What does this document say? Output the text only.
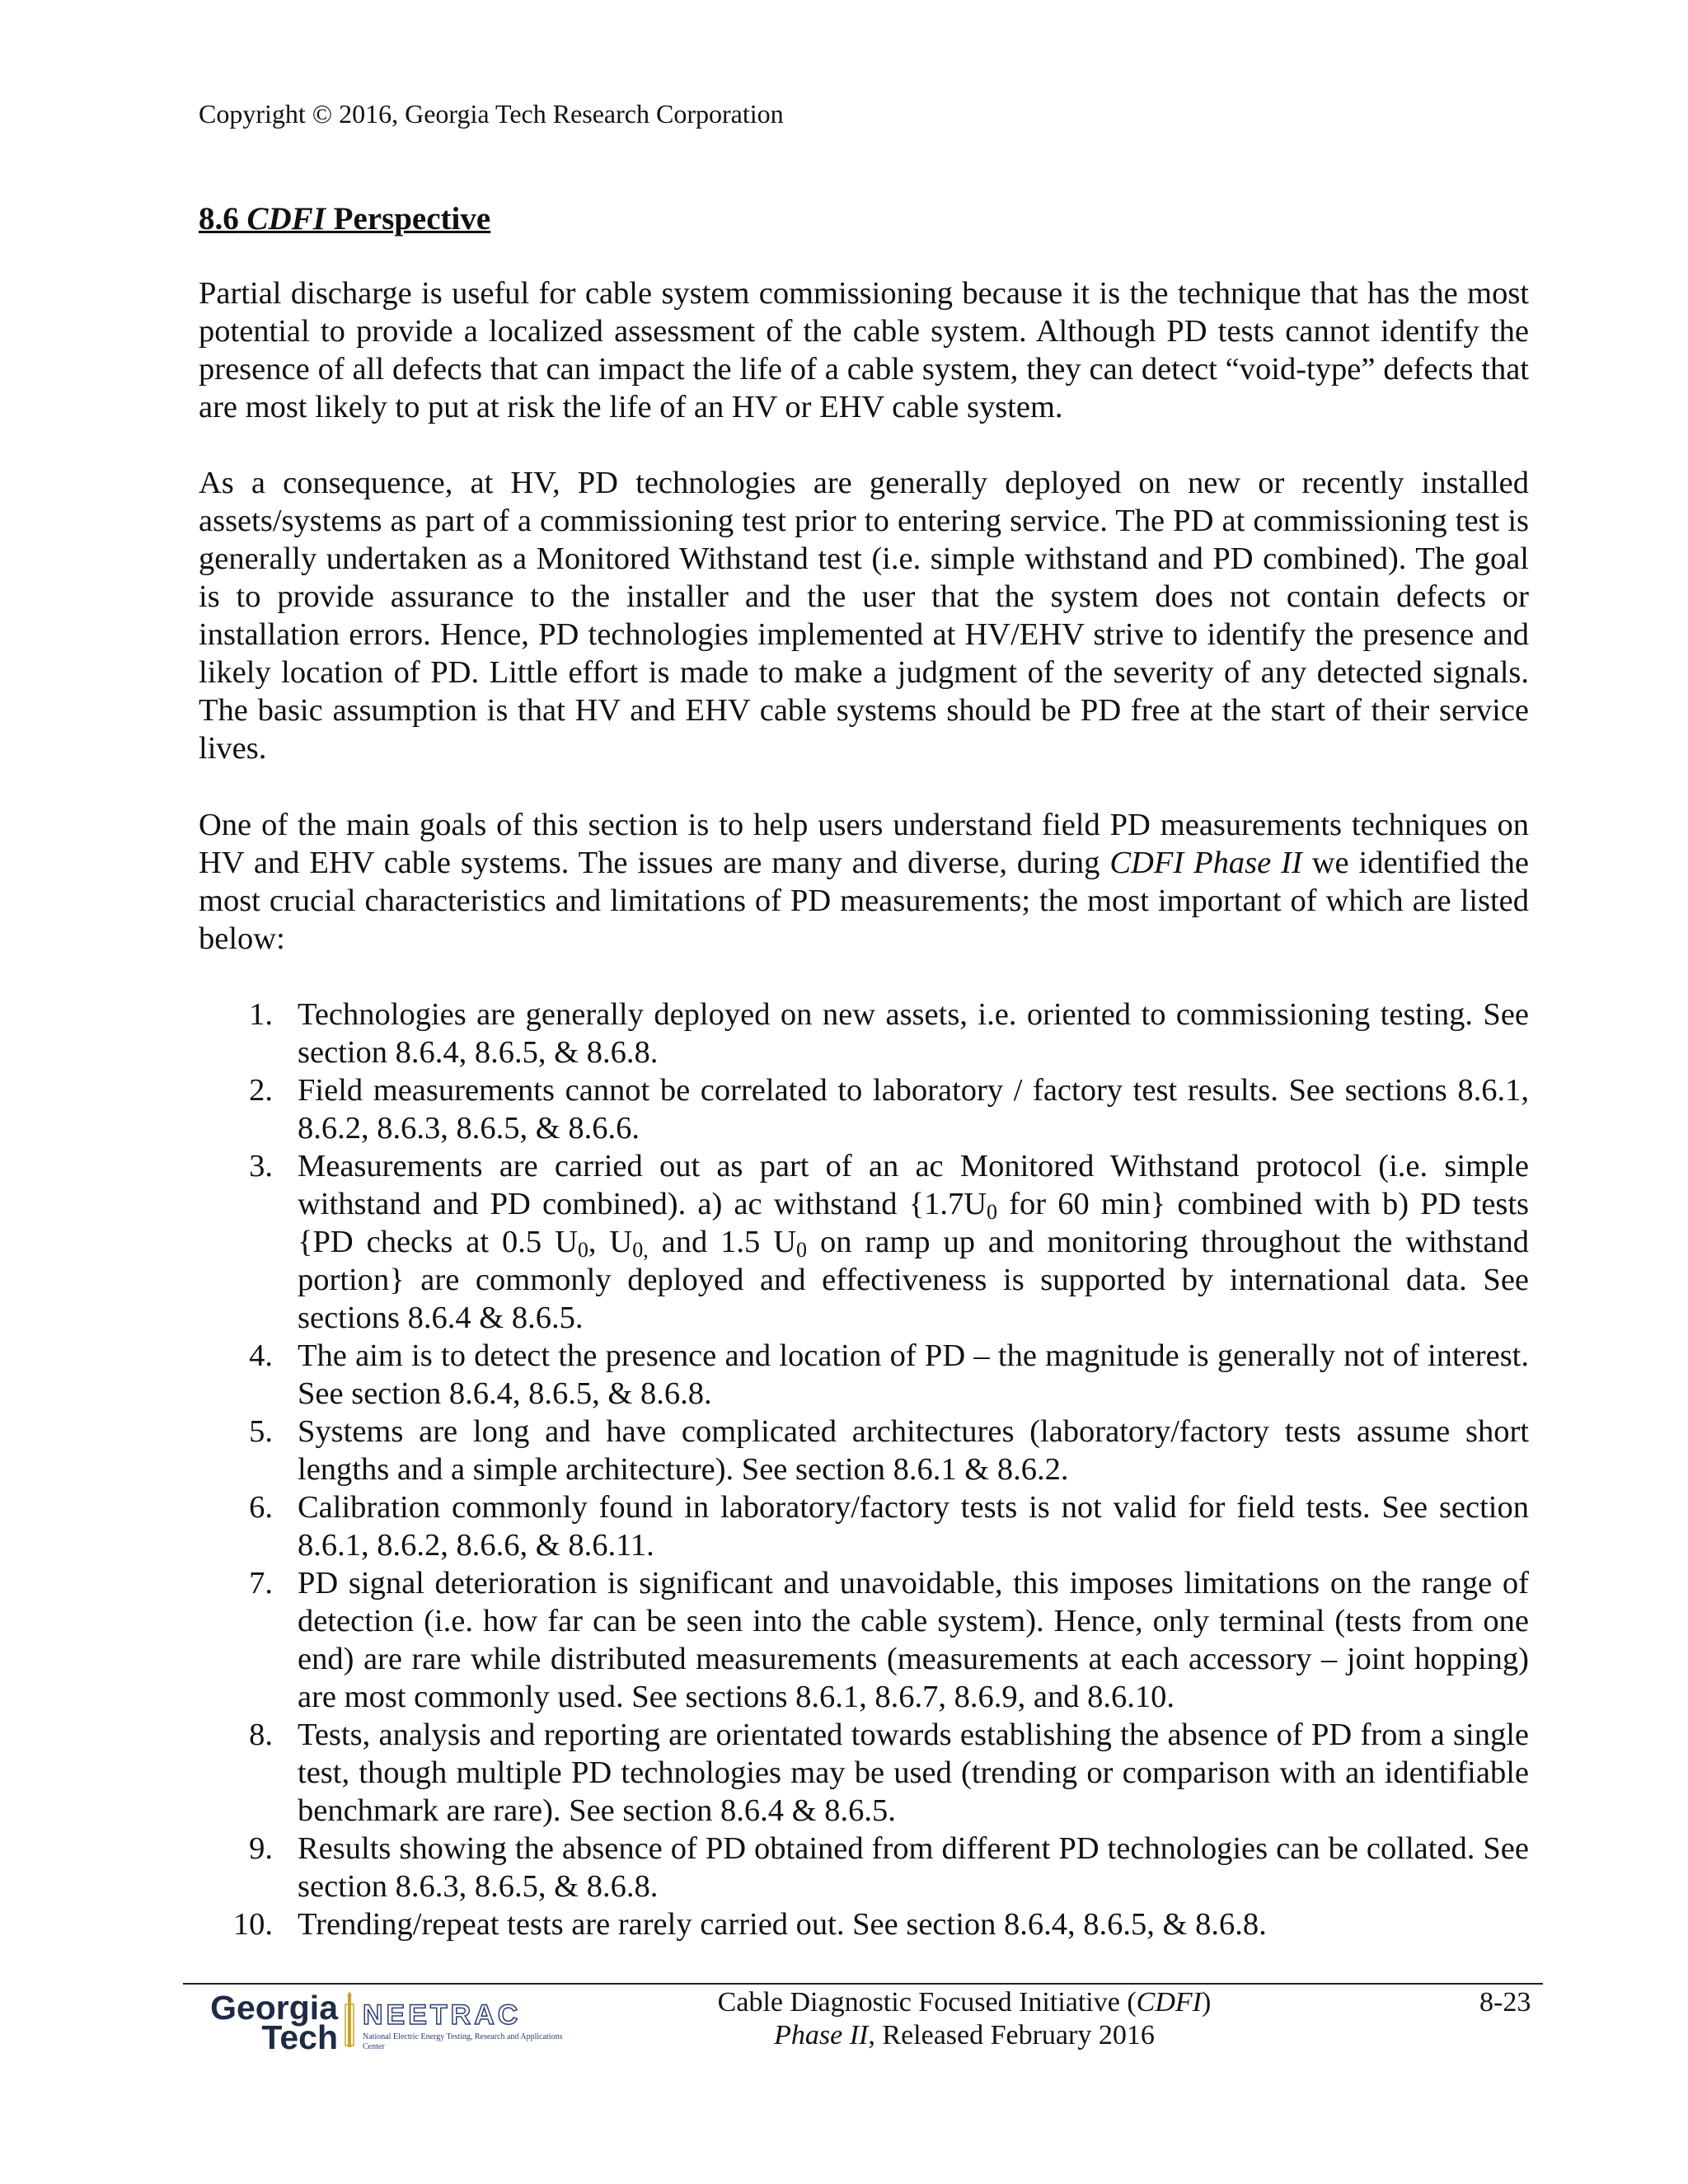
Copyright © 2016, Georgia Tech Research Corporation
8.6 CDFI Perspective

Partial discharge is useful for cable system commissioning because it is the technique that has the most potential to provide a localized assessment of the cable system. Although PD tests cannot identify the presence of all defects that can impact the life of a cable system, they can detect “void-type” defects that are most likely to put at risk the life of an HV or EHV cable system.

As a consequence, at HV, PD technologies are generally deployed on new or recently installed assets/systems as part of a commissioning test prior to entering service. The PD at commissioning test is generally undertaken as a Monitored Withstand test (i.e. simple withstand and PD combined). The goal is to provide assurance to the installer and the user that the system does not contain defects or installation errors. Hence, PD technologies implemented at HV/EHV strive to identify the presence and likely location of PD. Little effort is made to make a judgment of the severity of any detected signals. The basic assumption is that HV and EHV cable systems should be PD free at the start of their service lives.

One of the main goals of this section is to help users understand field PD measurements techniques on HV and EHV cable systems. The issues are many and diverse, during CDFI Phase II we identified the most crucial characteristics and limitations of PD measurements; the most important of which are listed below:

1. Technologies are generally deployed on new assets, i.e. oriented to commissioning testing. See section 8.6.4, 8.6.5, & 8.6.8.
2. Field measurements cannot be correlated to laboratory / factory test results. See sections 8.6.1, 8.6.2, 8.6.3, 8.6.5, & 8.6.6.
3. Measurements are carried out as part of an ac Monitored Withstand protocol (i.e. simple withstand and PD combined). a) ac withstand {$1.7U_0$ for 60 min} combined with b) PD tests {PD checks at 0.5 $U_0$, $U_{0,}$ and 1.5 $U_0$ on ramp up and monitoring throughout the withstand portion} are commonly deployed and effectiveness is supported by international data. See sections 8.6.4 & 8.6.5.
4. The aim is to detect the presence and location of PD – the magnitude is generally not of interest. See section 8.6.4, 8.6.5, & 8.6.8.
5. Systems are long and have complicated architectures (laboratory/factory tests assume short lengths and a simple architecture). See section 8.6.1 & 8.6.2.
6. Calibration commonly found in laboratory/factory tests is not valid for field tests. See section 8.6.1, 8.6.2, 8.6.6, & 8.6.11.
7. PD signal deterioration is significant and unavoidable, this imposes limitations on the range of detection (i.e. how far can be seen into the cable system). Hence, only terminal (tests from one end) are rare while distributed measurements (measurements at each accessory – joint hopping) are most commonly used. See sections 8.6.1, 8.6.7, 8.6.9, and 8.6.10.
8. Tests, analysis and reporting are orientated towards establishing the absence of PD from a single test, though multiple PD technologies may be used (trending or comparison with an identifiable benchmark are rare). See section 8.6.4 & 8.6.5.
9. Results showing the absence of PD obtained from different PD technologies can be collated. See section 8.6.3, 8.6.5, & 8.6.8.
10. Trending/repeat tests are rarely carried out. See section 8.6.4, 8.6.5, & 8.6.8.
Georgia
Tech
NEETRAC
National Electric Energy Testing, Research and Applications Center
Cable Diagnostic Focused Initiative (CDFI)
Phase II, Released February 2016
8-23
